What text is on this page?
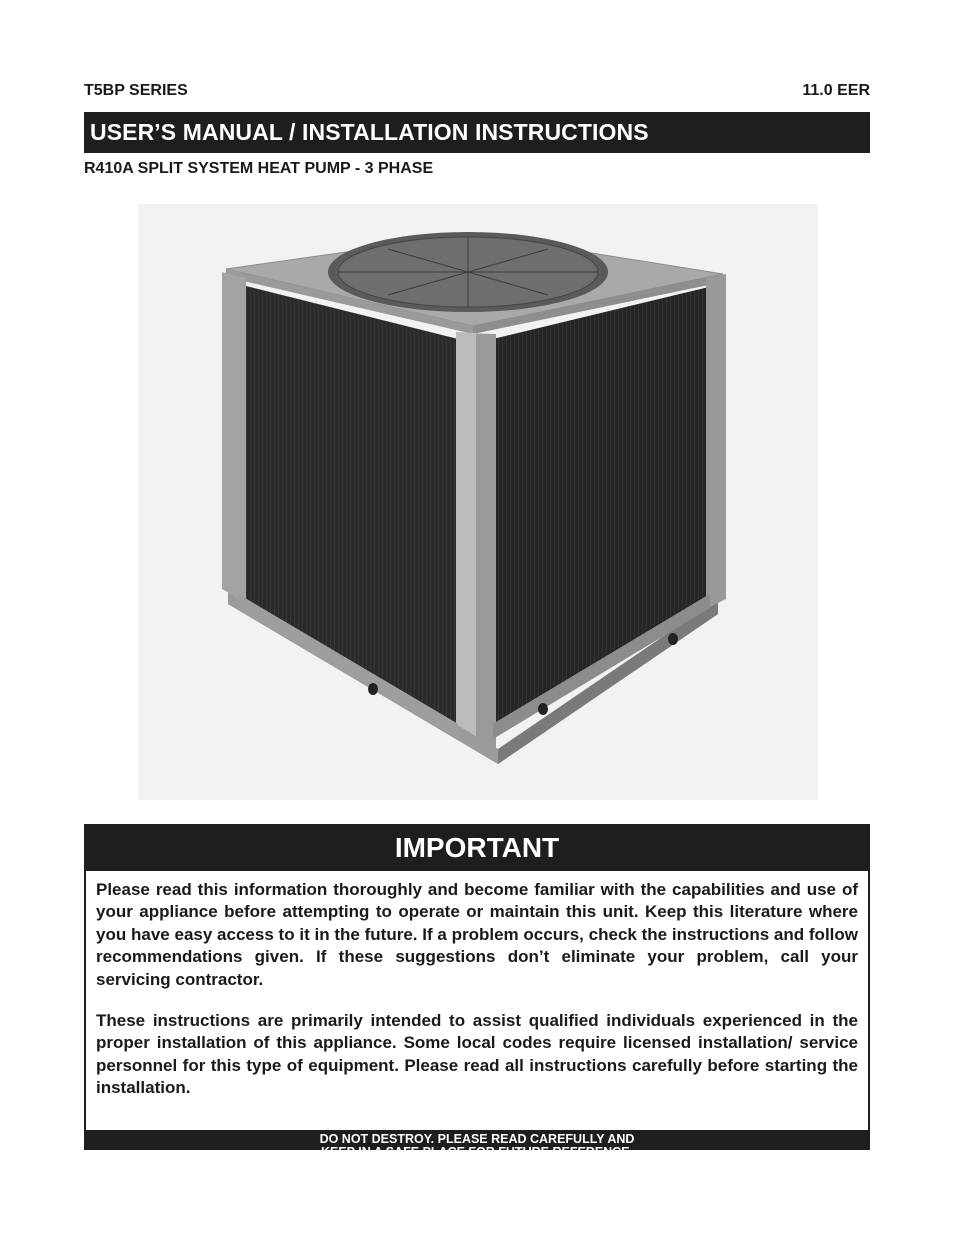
T5BP SERIES	11.0 EER
USER’S MANUAL / INSTALLATION INSTRUCTIONS
R410A SPLIT SYSTEM HEAT PUMP - 3 PHASE
IMPORTANT

Please read this information thoroughly and become familiar with the capabilities and use of your appliance before attempting to operate or maintain this unit. Keep this literature where you have easy access to it in the future. If a problem occurs, check the instructions and follow recommendations given. If these suggestions don’t eliminate your problem, call your servicing contractor.

These instructions are primarily intended to assist qualified individuals experienced in the proper installation of this appliance. Some local codes require licensed installation/ service personnel for this type of equipment. Please read all instructions carefully before starting the installation.

DO NOT DESTROY. PLEASE READ CAREFULLY AND
KEEP IN A SAFE PLACE FOR FUTURE REFERENCE.
